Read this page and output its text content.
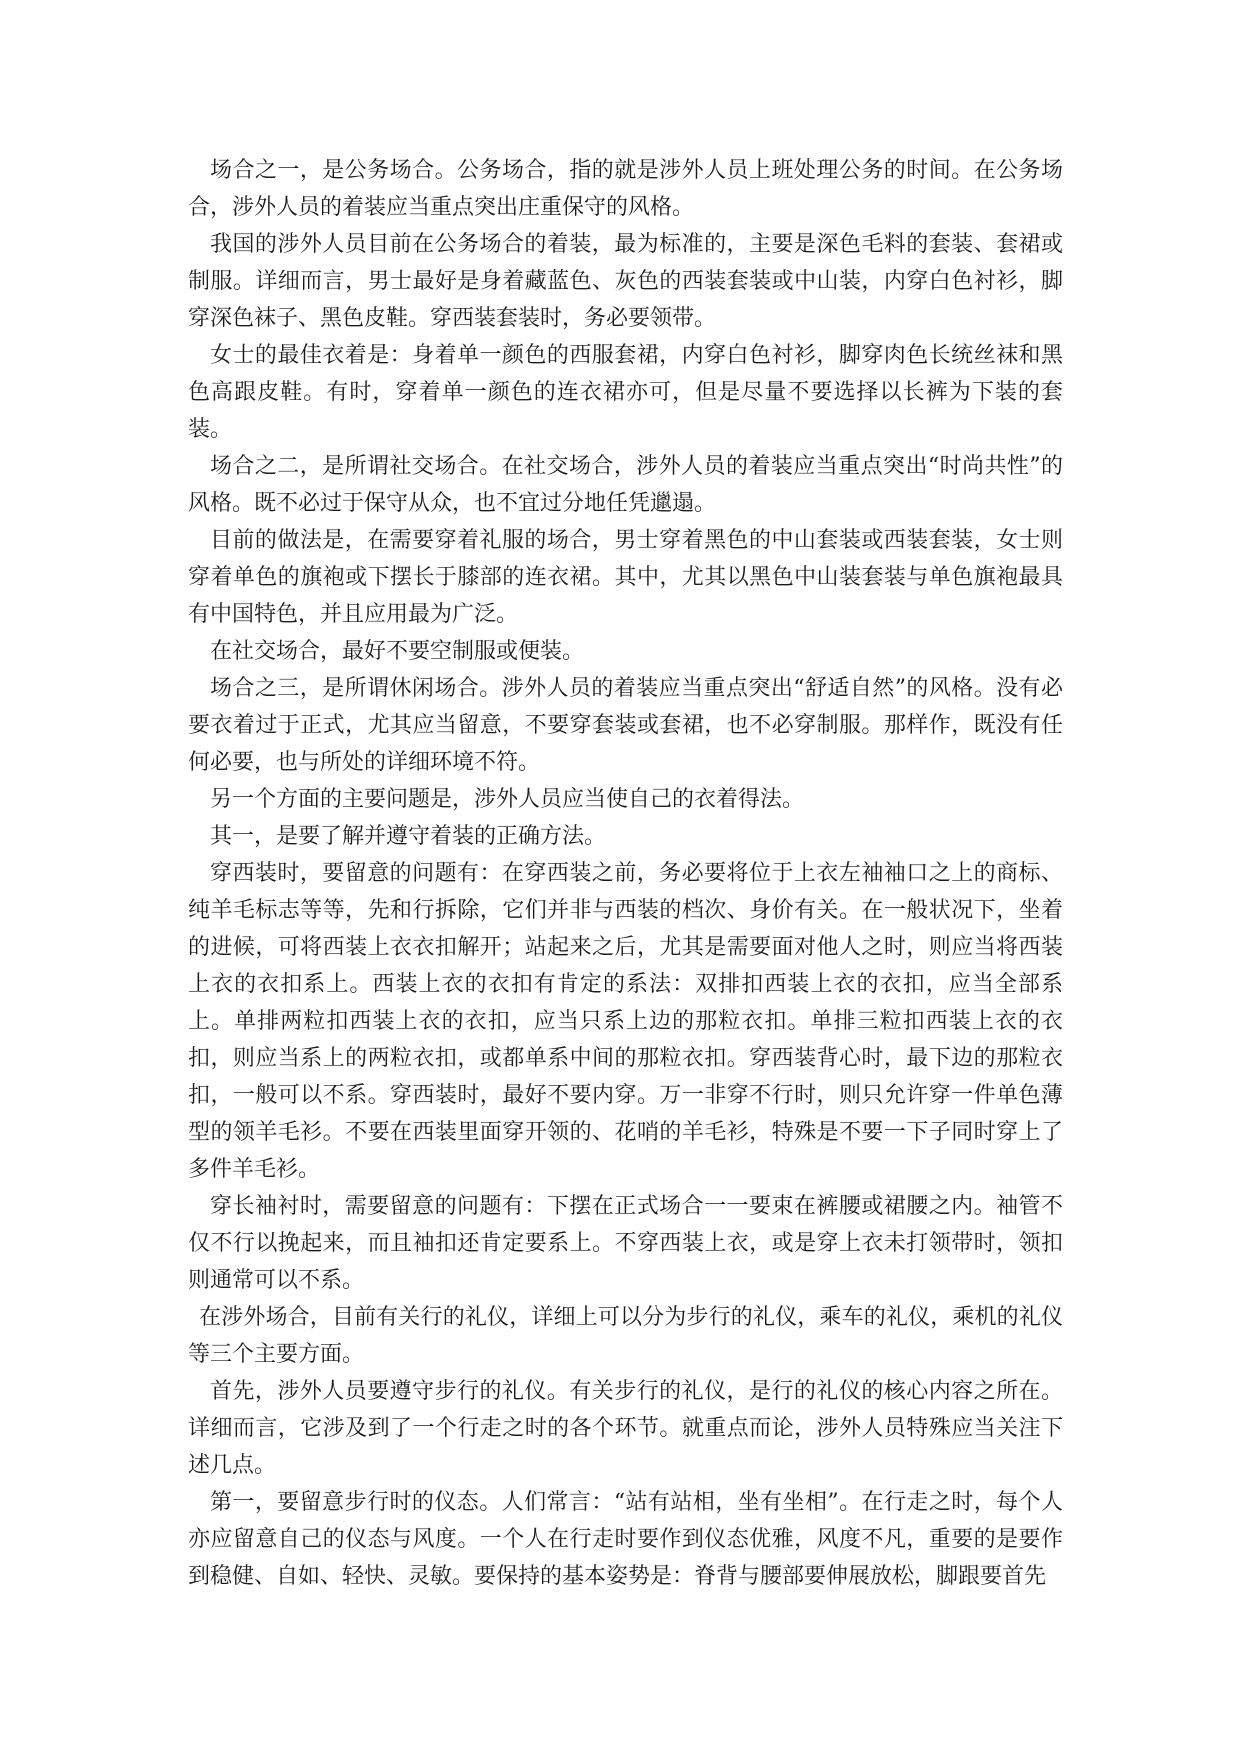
场合之一，是公务场合。公务场合，指的就是涉外人员上班处理公务的时间。在公务场合，涉外人员的着装应当重点突出庄重保守的风格。

我国的涉外人员目前在公务场合的着装，最为标准的，主要是深色毛料的套装、套裙或制服。详细而言，男士最好是身着藏蓝色、灰色的西装套装或中山装，内穿白色衬衫，脚穿深色袜子、黑色皮鞋。穿西装套装时，务必要领带。

女士的最佳衣着是：身着单一颜色的西服套裙，内穿白色衬衫，脚穿肉色长统丝袜和黑色高跟皮鞋。有时，穿着单一颜色的连衣裙亦可，但是尽量不要选择以长裤为下装的套装。

场合之二，是所谓社交场合。在社交场合，涉外人员的着装应当重点突出“时尚共性”的风格。既不必过于保守从众，也不宜过分地任凭邋遢。

目前的做法是，在需要穿着礼服的场合，男士穿着黑色的中山套装或西装套装，女士则穿着单色的旗袍或下摆长于膝部的连衣裙。其中，尤其以黑色中山装套装与单色旗袍最具有中国特色，并且应用最为广泛。

在社交场合，最好不要空制服或便装。

场合之三，是所谓休闲场合。涉外人员的着装应当重点突出“舒适自然”的风格。没有必要衣着过于正式，尤其应当留意，不要穿套装或套裙，也不必穿制服。那样作，既没有任何必要，也与所处的详细环境不符。

另一个方面的主要问题是，涉外人员应当使自己的衣着得法。

其一，是要了解并遵守着装的正确方法。

穿西装时，要留意的问题有：在穿西装之前，务必要将位于上衣左袖袖口之上的商标、纯羊毛标志等等，先和行拆除，它们并非与西装的档次、身价有关。在一般状况下，坐着的进候，可将西装上衣衣扣解开；站起来之后，尤其是需要面对他人之时，则应当将西装上衣的衣扣系上。西装上衣的衣扣有肯定的系法：双排扣西装上衣的衣扣，应当全部系上。单排两粒扣西装上衣的衣扣，应当只系上边的那粒衣扣。单排三粒扣西装上衣的衣扣，则应当系上的两粒衣扣，或都单系中间的那粒衣扣。穿西装背心时，最下边的那粒衣扣，一般可以不系。穿西装时，最好不要内穿。万一非穿不行时，则只允许穿一件单色薄型的领羊毛衫。不要在西装里面穿开领的、花哨的羊毛衫，特殊是不要一下子同时穿上了多件羊毛衫。

穿长袖衬时，需要留意的问题有：下摆在正式场合一一要束在裤腰或裙腰之内。袖管不仅不行以挽起来，而且袖扣还肯定要系上。不穿西装上衣，或是穿上衣未打领带时，领扣则通常可以不系。

在涉外场合，目前有关行的礼仪，详细上可以分为步行的礼仪，乘车的礼仪，乘机的礼仪等三个主要方面。

首先，涉外人员要遵守步行的礼仪。有关步行的礼仪，是行的礼仪的核心内容之所在。详细而言，它涉及到了一个行走之时的各个环节。就重点而论，涉外人员特殊应当关注下述几点。

第一，要留意步行时的仪态。人们常言：“站有站相，坐有坐相”。在行走之时，每个人亦应留意自己的仪态与风度。一个人在行走时要作到仪态优雅，风度不凡，重要的是要作到稳健、自如、轻快、灵敏。要保持的基本姿势是：脊背与腰部要伸展放松，脚跟要首先
